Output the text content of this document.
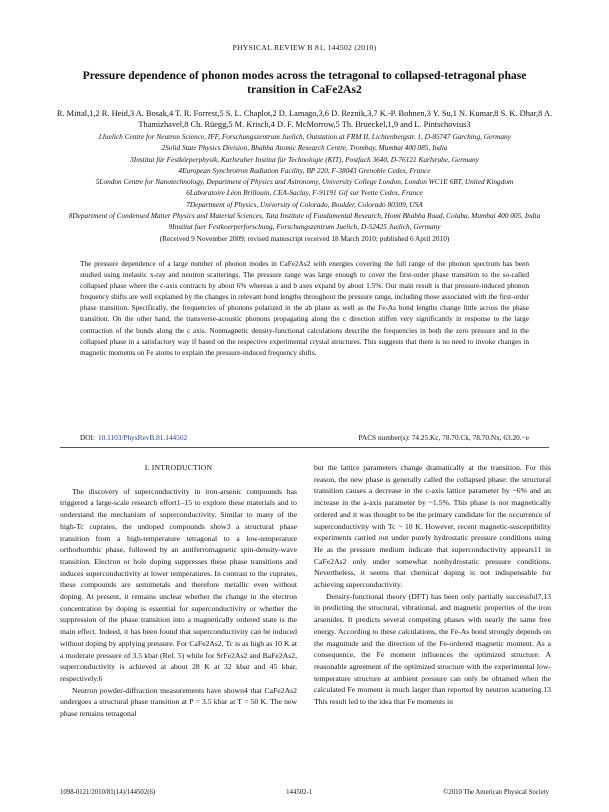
PHYSICAL REVIEW B 81, 144502 (2010)
Pressure dependence of phonon modes across the tetragonal to collapsed-tetragonal phase transition in CaFe2As2
R. Mittal,1,2 R. Heid,3 A. Bosak,4 T. R. Forrest,5 S. L. Chaplot,2 D. Lamago,3,6 D. Reznik,3,7 K.-P. Bohnen,3 Y. Su,1 N. Kumar,8 S. K. Dhar,8 A. Thamizhavel,8 Ch. Rüegg,5 M. Krisch,4 D. F. McMorrow,5 Th. Brueckel,1,9 and L. Pintschovius3
1Juelich Centre for Neutron Science, IFF, Forschungszentrum Juelich, Outstation at FRM II, Lichtenbergstr. 1, D-85747 Garching, Germany
2Solid State Physics Division, Bhabha Atomic Research Centre, Trombay, Mumbai 400 085, India
3Institut für Festkörperphysik, Karlsruher Institut für Technologie (KIT), Postfach 3640, D-76121 Karlsruhe, Germany
4European Synchrotron Radiation Facility, BP 220, F-38043 Grenoble Cedex, France
5London Centre for Nanotechnology, Department of Physics and Astronomy, University College London, London WC1E 6BT, United Kingdom
6Laboratoire Léon Brillouin, CEA-Saclay, F-91191 Gif sur Yvette Cedex, France
7Department of Physics, University of Colorado, Boulder, Colorado 80309, USA
8Department of Condensed Matter Physics and Material Sciences, Tata Institute of Fundamental Research, Homi Bhabha Road, Colaba, Mumbai 400 005, India
9Institut fuer Festkoerperforschung, Forschungszentrum Juelich, D-52425 Juelich, Germany
(Received 9 November 2009; revised manuscript received 18 March 2010; published 6 April 2010)
The pressure dependence of a large number of phonon modes in CaFe2As2 with energies covering the full range of the phonon spectrum has been studied using inelastic x-ray and neutron scatterings. The pressure range was large enough to cover the first-order phase transition to the so-called collapsed phase where the c-axis contracts by about 6% whereas a and b axes expand by about 1.5%. Our main result is that pressure-induced phonon frequency shifts are well explained by the changes in relevant bond lengths throughout the pressure range, including those associated with the first-order phase transition. Specifically, the frequencies of phonons polarized in the ab plane as well as the Fe-As bond lengths change little across the phase transition. On the other hand, the transverse-acoustic phonons propagating along the c direction stiffen very significantly in response to the large contraction of the bonds along the c axis. Nonmagnetic density-functional calculations describe the frequencies in both the zero pressure and in the collapsed phase in a satisfactory way if based on the respective experimental crystal structures. This suggests that there is no need to invoke changes in magnetic moments on Fe atoms to explain the pressure-induced frequency shifts.
DOI: 10.1103/PhysRevB.81.144502	PACS number(s): 74.25.Kc, 78.70.Ck, 78.70.Nx, 63.20.−e
I. INTRODUCTION

The discovery of superconductivity in iron-arsenic compounds has triggered a large-scale research effort1–15 to explore these materials and to understand the mechanism of superconductivity. Similar to many of the high-Tc cuprates, the undoped compounds show3 a structural phase transition from a high-temperature tetragonal to a low-temperature orthorhombic phase, followed by an antiferromagnetic spin-density-wave transition. Electron or hole doping suppresses these phase transitions and induces superconductivity at lower temperatures. In contrast to the cuprates, these compounds are semimetals and therefore metallic even without doping. At present, it remains unclear whether the change in the electron concentration by doping is essential for superconductivity or whether the suppression of the phase transition into a magnetically ordered state is the main effect. Indeed, it has been found that superconductivity can be induced without doping by applying pressure. For CaFe2As2, Tc is as high as 10 K at a moderate pressure of 3.5 kbar (Ref. 5) while for SrFe2As2 and BaFe2As2, superconductivity is achieved at about 28 K at 32 kbar and 45 kbar, respectively.6

Neutron powder-diffraction measurements have shown4 that CaFe2As2 undergoes a structural phase transition at P = 3.5 kbar at T = 50 K. The new phase remains tetragonal

but the lattice parameters change dramatically at the transition. For this reason, the new phase is generally called the collapsed phase: the structural transition causes a decrease in the c-axis lattice parameter by ~6% and an increase in the a-axis parameter by ~1.5%. This phase is not magnetically ordered and it was thought to be the primary candidate for the occurrence of superconductivity with Tc ~ 10 K. However, recent magnetic-susceptibility experiments carried out under purely hydrostatic pressure conditions using He as the pressure medium indicate that superconductivity appears11 in CaFe2As2 only under somewhat nonhydrostatic pressure conditions. Nevertheless, it seems that chemical doping is not indispensable for achieving superconductivity.

Density-functional theory (DFT) has been only partially successful7,13 in predicting the structural, vibrational, and magnetic properties of the iron arsenides. It predicts several competing phases with nearly the same free energy. According to these calculations, the Fe-As bond strongly depends on the magnitude and the direction of the Fe-ordered magnetic moment. As a consequence, the Fe moment influences the optimized structure. A reasonable agreement of the optimized structure with the experimental low-temperature structure at ambient pressure can only be obtained when the calculated Fe moment is much larger than reported by neutron scattering.13 This result led to the idea that Fe moments in

1098-0121/2010/81(14)/144502(6)	144502-1	©2010 The American Physical Society
